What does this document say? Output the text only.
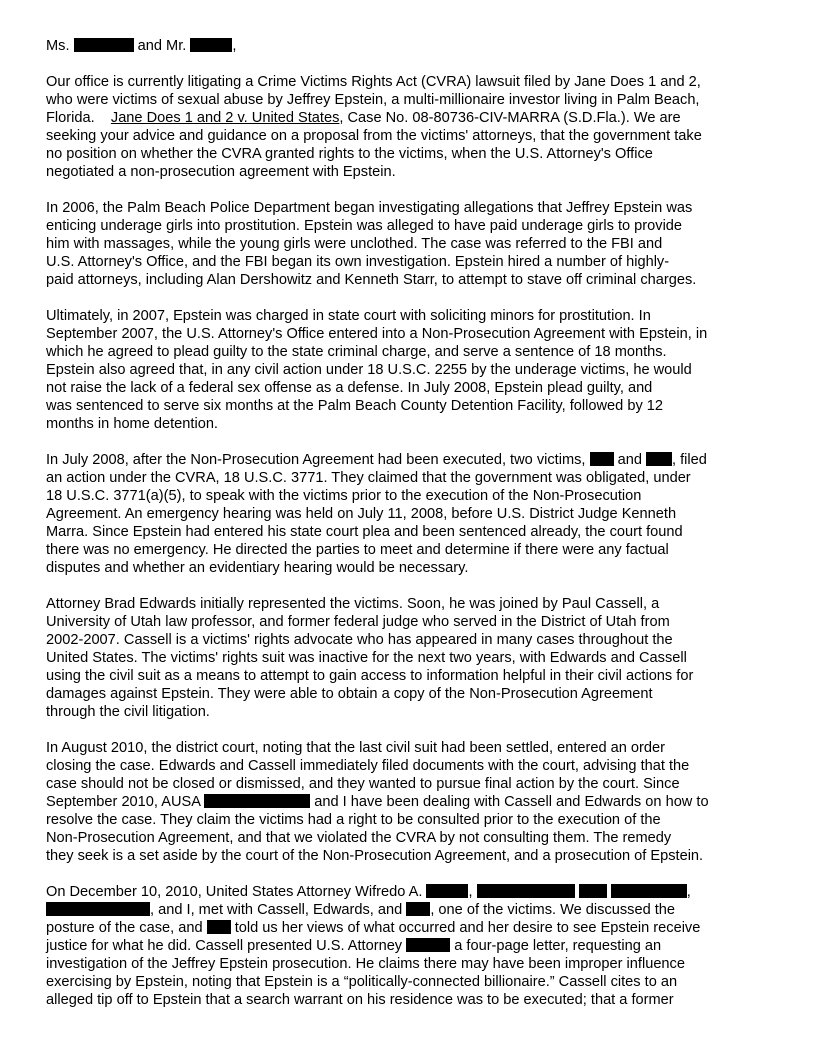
Ms.	and Mr.	,

Our office is currently litigating a Crime Victims Rights Act (CVRA) lawsuit filed by Jane Does 1 and 2,
who were victims of sexual abuse by Jeffrey Epstein, a multi-millionaire investor living in Palm Beach,
Florida. Jane Does 1 and 2 v. United States, Case No. 08-80736-CIV-MARRA (S.D.Fla.). We are
seeking your advice and guidance on a proposal from the victims' attorneys, that the government take
no position on whether the CVRA granted rights to the victims, when the U.S. Attorney's Office
negotiated a non-prosecution agreement with Epstein.

In 2006, the Palm Beach Police Department began investigating allegations that Jeffrey Epstein was
enticing underage girls into prostitution. Epstein was alleged to have paid underage girls to provide
him with massages, while the young girls were unclothed. The case was referred to the FBI and
U.S. Attorney's Office, and the FBI began its own investigation. Epstein hired a number of highly-
paid attorneys, including Alan Dershowitz and Kenneth Starr, to attempt to stave off criminal charges.

Ultimately, in 2007, Epstein was charged in state court with soliciting minors for prostitution. In
September 2007, the U.S. Attorney's Office entered into a Non-Prosecution Agreement with Epstein, in
which he agreed to plead guilty to the state criminal charge, and serve a sentence of 18 months.
Epstein also agreed that, in any civil action under 18 U.S.C. 2255 by the underage victims, he would
not raise the lack of a federal sex offense as a defense. In July 2008, Epstein plead guilty, and
was sentenced to serve six months at the Palm Beach County Detention Facility, followed by 12
months in home detention.

In July 2008, after the Non-Prosecution Agreement had been executed, two victims, and , filed
an action under the CVRA, 18 U.S.C. 3771. They claimed that the government was obligated, under
18 U.S.C. 3771(a)(5), to speak with the victims prior to the execution of the Non-Prosecution
Agreement. An emergency hearing was held on July 11, 2008, before U.S. District Judge Kenneth
Marra. Since Epstein had entered his state court plea and been sentenced already, the court found
there was no emergency. He directed the parties to meet and determine if there were any factual
disputes and whether an evidentiary hearing would be necessary.

Attorney Brad Edwards initially represented the victims. Soon, he was joined by Paul Cassell, a
University of Utah law professor, and former federal judge who served in the District of Utah from
2002-2007. Cassell is a victims' rights advocate who has appeared in many cases throughout the
United States. The victims' rights suit was inactive for the next two years, with Edwards and Cassell
using the civil suit as a means to attempt to gain access to information helpful in their civil actions for
damages against Epstein. They were able to obtain a copy of the Non-Prosecution Agreement
through the civil litigation.

In August 2010, the district court, noting that the last civil suit had been settled, entered an order
closing the case. Edwards and Cassell immediately filed documents with the court, advising that the
case should not be closed or dismissed, and they wanted to pursue final action by the court. Since
September 2010, AUSA	and I have been dealing with Cassell and Edwards on how to
resolve the case. They claim the victims had a right to be consulted prior to the execution of the
Non-Prosecution Agreement, and that we violated the CVRA by not consulting them. The remedy
they seek is a set aside by the court of the Non-Prosecution Agreement, and a prosecution of Epstein.

On December 10, 2010, United States Attorney Wifredo A.	,	,
, and I, met with Cassell, Edwards, and , one of the victims. We discussed the
posture of the case, and told us her views of what occurred and her desire to see Epstein receive
justice for what he did. Cassell presented U.S. Attorney	a four-page letter, requesting an
investigation of the Jeffrey Epstein prosecution. He claims there may have been improper influence
exercising by Epstein, noting that Epstein is a “politically-connected billionaire.” Cassell cites to an
alleged tip off to Epstein that a search warrant on his residence was to be executed; that a former
